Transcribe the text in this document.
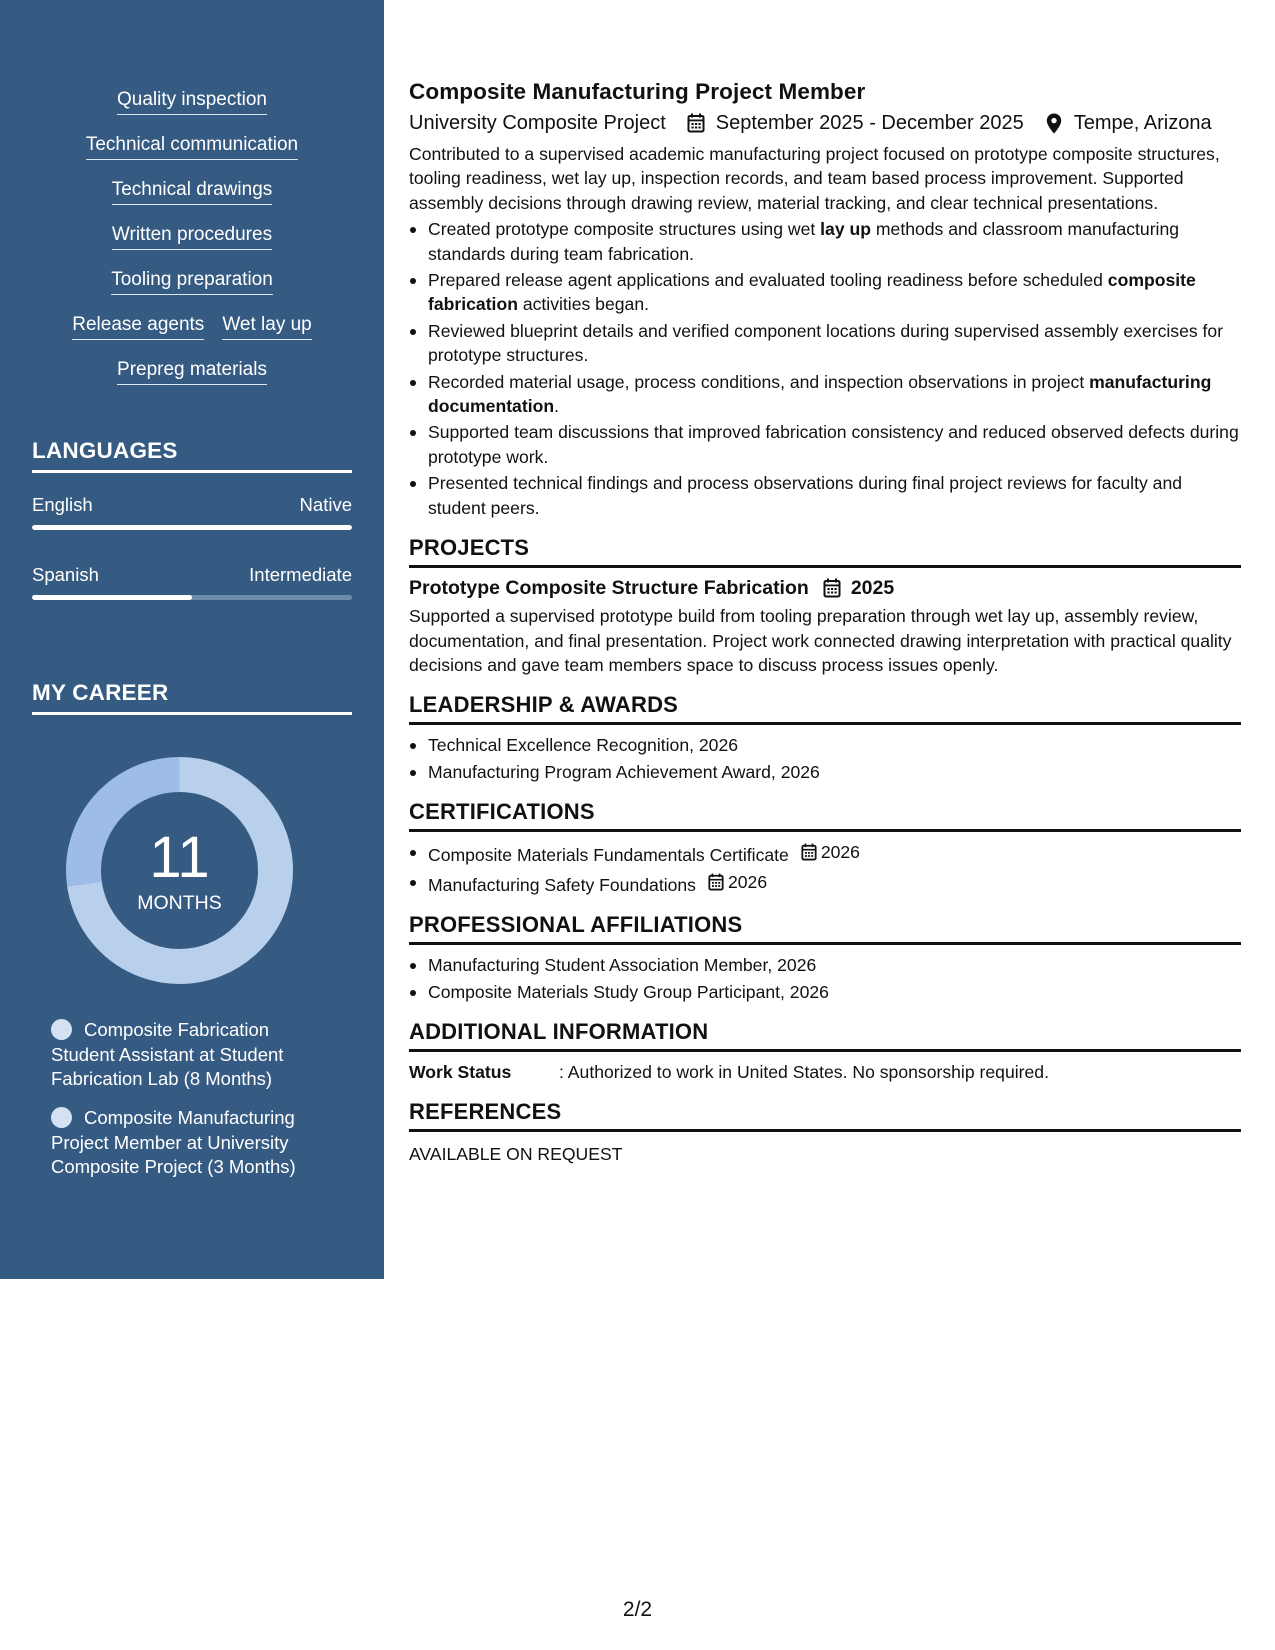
Quality inspection
Technical communication
Technical drawings
Written procedures
Tooling preparation
Release agents Wet lay up
Prepreg materials
LANGUAGES
English	Native
Spanish	Intermediate
MY CAREER
11
MONTHS
Composite Fabrication Student Assistant at Student Fabrication Lab (8 Months)
Composite Manufacturing Project Member at University Composite Project (3 Months)
Composite Manufacturing Project Member
University Composite Project	September 2025 - December 2025	Tempe, Arizona

Contributed to a supervised academic manufacturing project focused on prototype composite structures, tooling readiness, wet lay up, inspection records, and team based process improvement. Supported assembly decisions through drawing review, material tracking, and clear technical presentations.

Created prototype composite structures using wet lay up methods and classroom manufacturing standards during team fabrication.
Prepared release agent applications and evaluated tooling readiness before scheduled composite fabrication activities began.
Reviewed blueprint details and verified component locations during supervised assembly exercises for prototype structures.
Recorded material usage, process conditions, and inspection observations in project manufacturing documentation.
Supported team discussions that improved fabrication consistency and reduced observed defects during prototype work.
Presented technical findings and process observations during final project reviews for faculty and student peers.
PROJECTS
Prototype Composite Structure Fabrication 2025

Supported a supervised prototype build from tooling preparation through wet lay up, assembly review, documentation, and final presentation. Project work connected drawing interpretation with practical quality decisions and gave team members space to discuss process issues openly.

LEADERSHIP & AWARDS
Technical Excellence Recognition, 2026
Manufacturing Program Achievement Award, 2026
CERTIFICATIONS
Composite Materials Fundamentals Certificate 2026
Manufacturing Safety Foundations 2026
PROFESSIONAL AFFILIATIONS
Manufacturing Student Association Member, 2026
Composite Materials Study Group Participant, 2026
ADDITIONAL INFORMATION
Work Status	: Authorized to work in United States. No sponsorship required.
REFERENCES
AVAILABLE ON REQUEST
2/2
